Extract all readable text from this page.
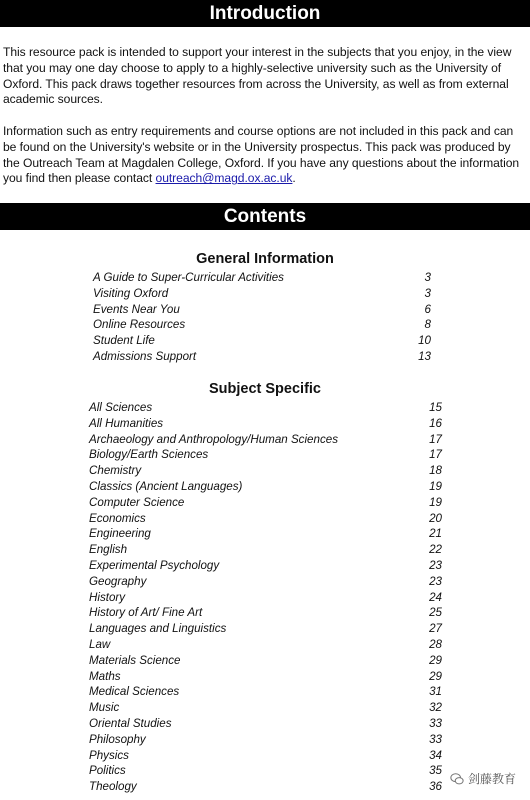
Introduction

This resource pack is intended to support your interest in the subjects that you enjoy, in the view that you may one day choose to apply to a highly-selective university such as the University of Oxford. This pack draws together resources from across the University, as well as from external academic sources.

Information such as entry requirements and course options are not included in this pack and can be found on the University's website or in the University prospectus. This pack was produced by the Outreach Team at Magdalen College, Oxford. If you have any questions about the information you find then please contact outreach@magd.ox.ac.uk.

Contents
General Information
A Guide to Super-Curricular Activities	3
Visiting Oxford	3
Events Near You	6
Online Resources	8
Student Life	10
Admissions Support	13
Subject Specific
All Sciences	15
All Humanities	16
Archaeology and Anthropology/Human Sciences	17
Biology/Earth Sciences	17
Chemistry	18
Classics (Ancient Languages)	19
Computer Science	19
Economics	20
Engineering	21
English	22
Experimental Psychology	23
Geography	23
History	24
History of Art/ Fine Art	25
Languages and Linguistics	27
Law	28
Materials Science	29
Maths	29
Medical Sciences	31
Music	32
Oriental Studies	33
Philosophy	33
Physics	34
Politics	35
Theology	36
剑藤教育
